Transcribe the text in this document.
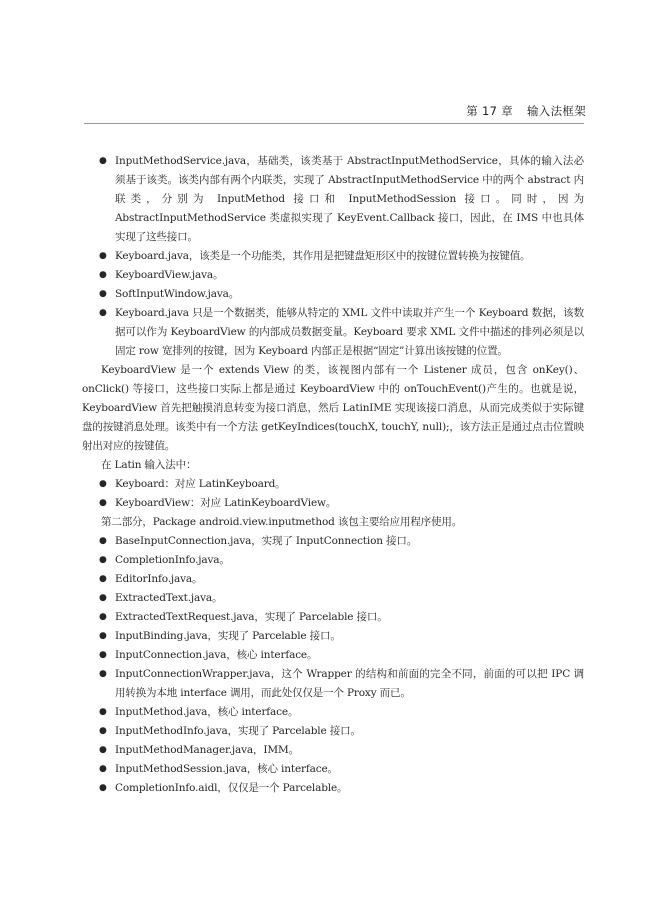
第 17 章 输入法框架
● InputMethodService.java，基础类，该类基于 AbstractInputMethodService，具体的输入法必须基于该类。该类内部有两个内联类，实现了 AbstractInputMethodService 中的两个 abstract 内联类，分别为 InputMethod 接口和 InputMethodSession 接口。同时，因为 AbstractInputMethodService 类虚拟实现了 KeyEvent.Callback 接口，因此，在 IMS 中也具体实现了这些接口。
● Keyboard.java，该类是一个功能类，其作用是把键盘矩形区中的按键位置转换为按键值。
● KeyboardView.java。
● SoftInputWindow.java。
● Keyboard.java 只是一个数据类，能够从特定的 XML 文件中读取并产生一个 Keyboard 数据，该数据可以作为 KeyboardView 的内部成员数据变量。Keyboard 要求 XML 文件中描述的排列必须是以固定 row 宽排列的按键，因为 Keyboard 内部正是根据“固定”计算出该按键的位置。

KeyboardView 是一个 extends View 的类，该视图内部有一个 Listener 成员，包含 onKey()、onClick() 等接口，这些接口实际上都是通过 KeyboardView 中的 onTouchEvent()产生的。也就是说，KeyboardView 首先把触摸消息转变为接口消息，然后 LatinIME 实现该接口消息，从而完成类似于实际键盘的按键消息处理。该类中有一个方法 getKeyIndices(touchX, touchY, null);，该方法正是通过点击位置映射出对应的按键值。

在 Latin 输入法中：

● Keyboard：对应 LatinKeyboard。
● KeyboardView：对应 LatinKeyboardView。

第二部分，Package android.view.inputmethod 该包主要给应用程序使用。

● BaseInputConnection.java，实现了 InputConnection 接口。
● CompletionInfo.java。
● EditorInfo.java。
● ExtractedText.java。
● ExtractedTextRequest.java，实现了 Parcelable 接口。
● InputBinding.java，实现了 Parcelable 接口。
● InputConnection.java，核心 interface。
● InputConnectionWrapper.java，这个 Wrapper 的结构和前面的完全不同，前面的可以把 IPC 调用转换为本地 interface 调用，而此处仅仅是一个 Proxy 而已。
● InputMethod.java，核心 interface。
● InputMethodInfo.java，实现了 Parcelable 接口。
● InputMethodManager.java，IMM。
● InputMethodSession.java，核心 interface。
● CompletionInfo.aidl，仅仅是一个 Parcelable。
